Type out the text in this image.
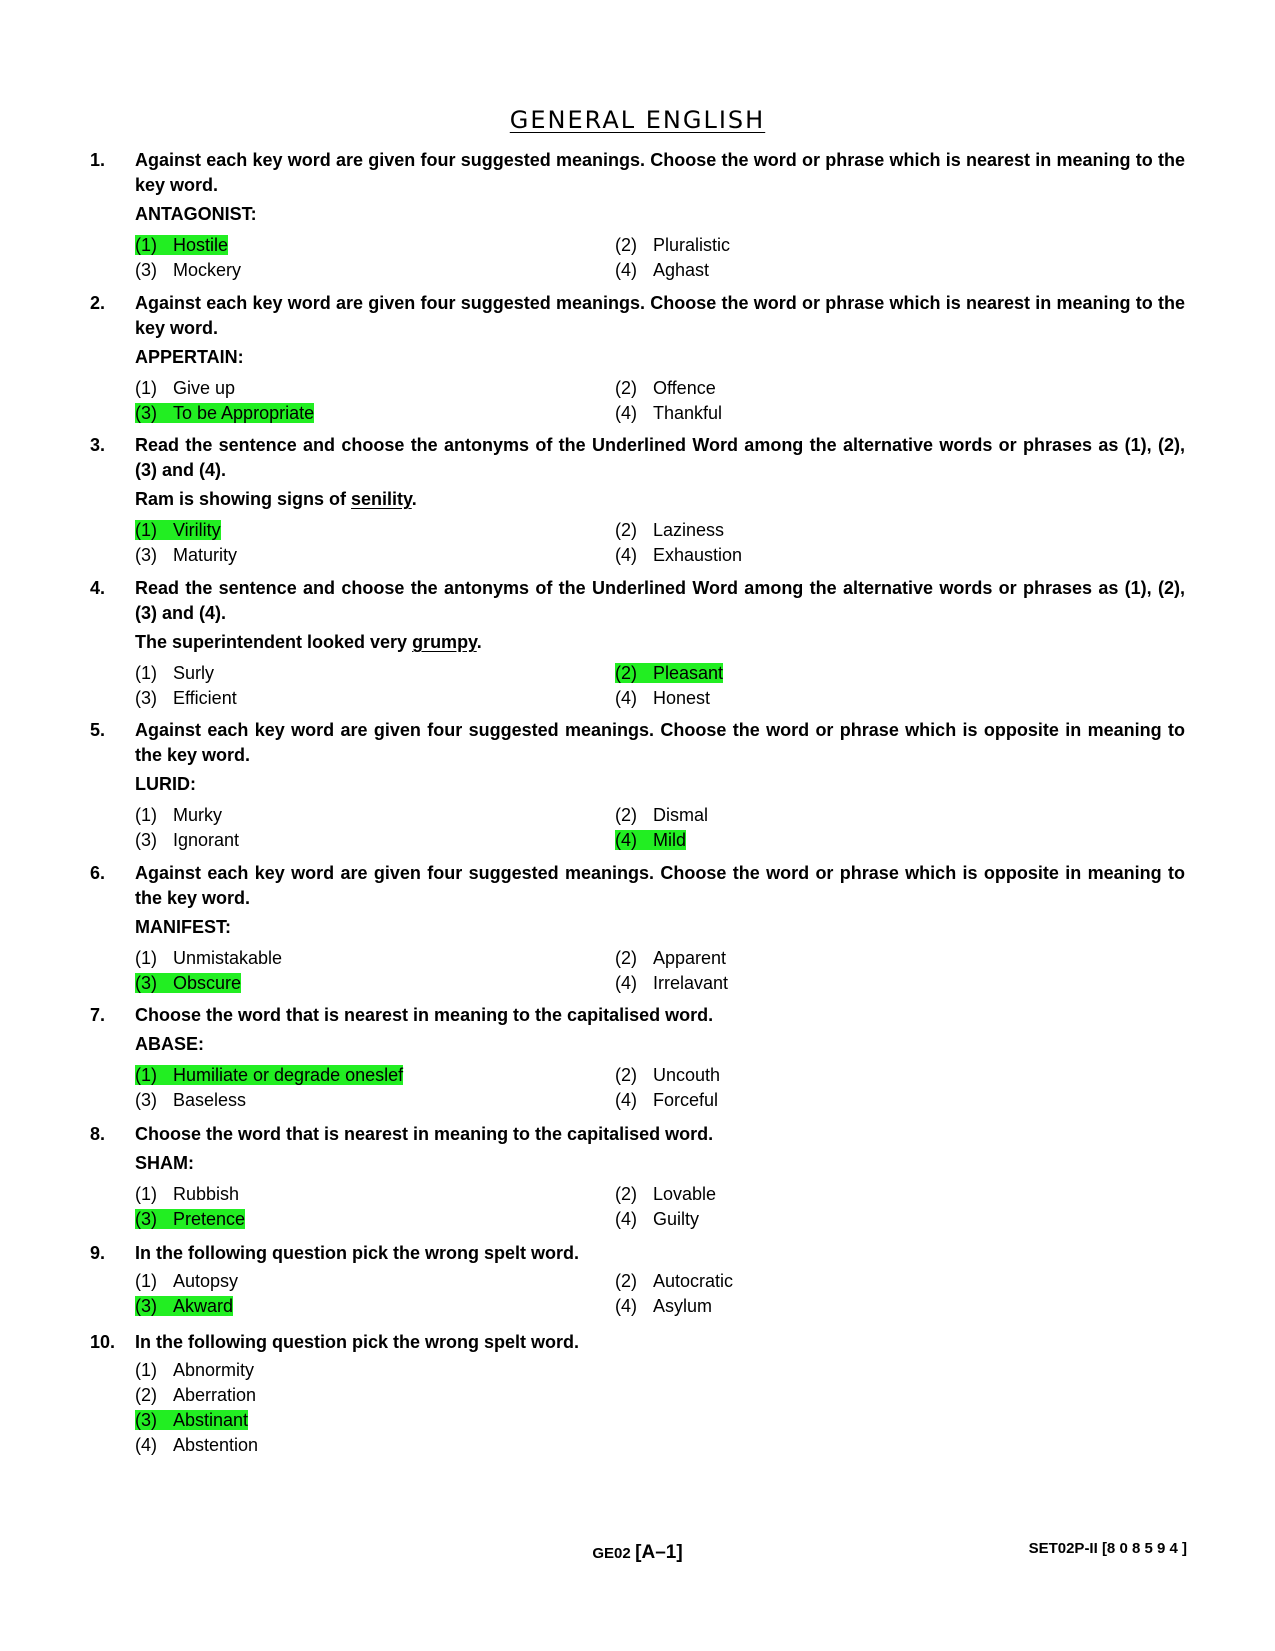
GENERAL ENGLISH
1. Against each key word are given four suggested meanings. Choose the word or phrase which is nearest in meaning to the key word.
ANTAGONIST:
(1) Hostile	(2) Pluralistic
(3) Mockery	(4) Aghast
2. Against each key word are given four suggested meanings. Choose the word or phrase which is nearest in meaning to the key word.
APPERTAIN:
(1) Give up	(2) Offence
(3) To be Appropriate	(4) Thankful
3. Read the sentence and choose the antonyms of the Underlined Word among the alternative words or phrases as (1), (2), (3) and (4).
Ram is showing signs of senility.
(1) Virility	(2) Laziness
(3) Maturity	(4) Exhaustion
4. Read the sentence and choose the antonyms of the Underlined Word among the alternative words or phrases as (1), (2), (3) and (4).
The superintendent looked very grumpy.
(1) Surly	(2) Pleasant
(3) Efficient	(4) Honest
5. Against each key word are given four suggested meanings. Choose the word or phrase which is opposite in meaning to the key word.
LURID:
(1) Murky	(2) Dismal
(3) Ignorant	(4) Mild
6. Against each key word are given four suggested meanings. Choose the word or phrase which is opposite in meaning to the key word.
MANIFEST:
(1) Unmistakable	(2) Apparent
(3) Obscure	(4) Irrelavant
7. Choose the word that is nearest in meaning to the capitalised word.
ABASE:
(1) Humiliate or degrade oneslef	(2) Uncouth
(3) Baseless	(4) Forceful
8. Choose the word that is nearest in meaning to the capitalised word.
SHAM:
(1) Rubbish	(2) Lovable
(3) Pretence	(4) Guilty
9. In the following question pick the wrong spelt word.
(1) Autopsy	(2) Autocratic
(3) Akward	(4) Asylum
10. In the following question pick the wrong spelt word.
(1) Abnormity
(2) Aberration
(3) Abstinant
(4) Abstention
GE02 [A–1]	SET02P-II [8 0 8 5 9 4 ]
